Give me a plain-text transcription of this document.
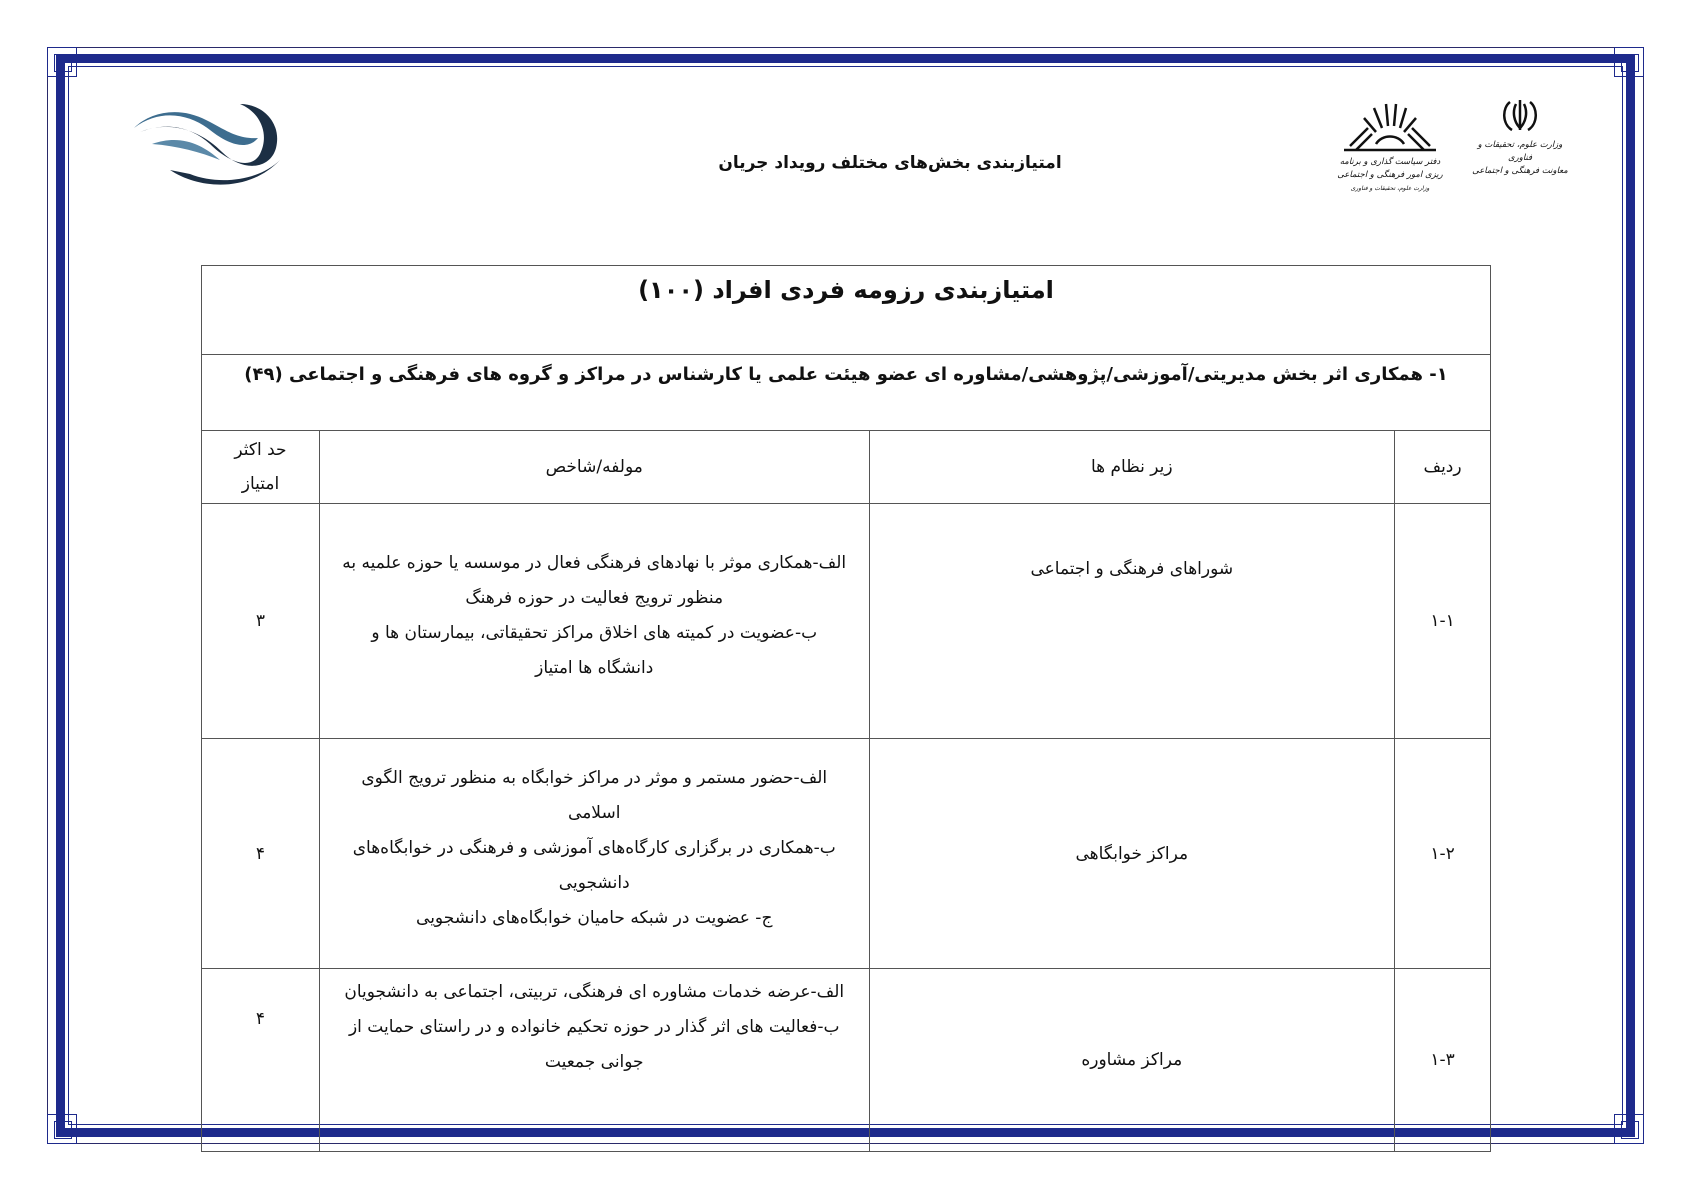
امتیازبندی بخش‌های مختلف رویداد جریان	دفتر سیاست گذاری و برنامه ریزی امور فرهنگی و اجتماعی
وزارت علوم، تحقیقات و فناوری
وزارت علوم، تحقیقات و فناوری
معاونت فرهنگی و اجتماعی
امتیازبندی رزومه فردی افراد (۱۰۰)			
۱- همکاری اثر بخش مدیریتی/آموزشی/پژوهشی/مشاوره ای عضو هیئت علمی یا کارشناس در مراکز و گروه های فرهنگی و اجتماعی (۴۹)			
ردیف	زیر نظام ها	مولفه/شاخص	حد اکثر
امتیاز

۱-۱	شوراهای فرهنگی و اجتماعی	الف-همکاری موثر با نهادهای فرهنگی فعال در موسسه یا حوزه علمیه به
منظور ترویج فعالیت در حوزه فرهنگ
ب-عضویت در کمیته های اخلاق مراکز تحقیقاتی، بیمارستان ها و
دانشگاه ها امتیاز	۳
۱-۲	مراکز خوابگاهی	الف-حضور مستمر و موثر در مراکز خوابگاه به منظور ترویج الگوی
اسلامی
ب-همکاری در برگزاری کارگاه‌های آموزشی و فرهنگی در خوابگاه‌های
دانشجویی
ج- عضویت در شبکه حامیان خوابگاه‌های دانشجویی	۴
۱-۳	مراکز مشاوره	الف-عرضه خدمات مشاوره ای فرهنگی، تربیتی، اجتماعی به دانشجویان
ب-فعالیت های اثر گذار در حوزه تحکیم خانواده و در راستای حمایت از
جوانی جمعیت	۴
